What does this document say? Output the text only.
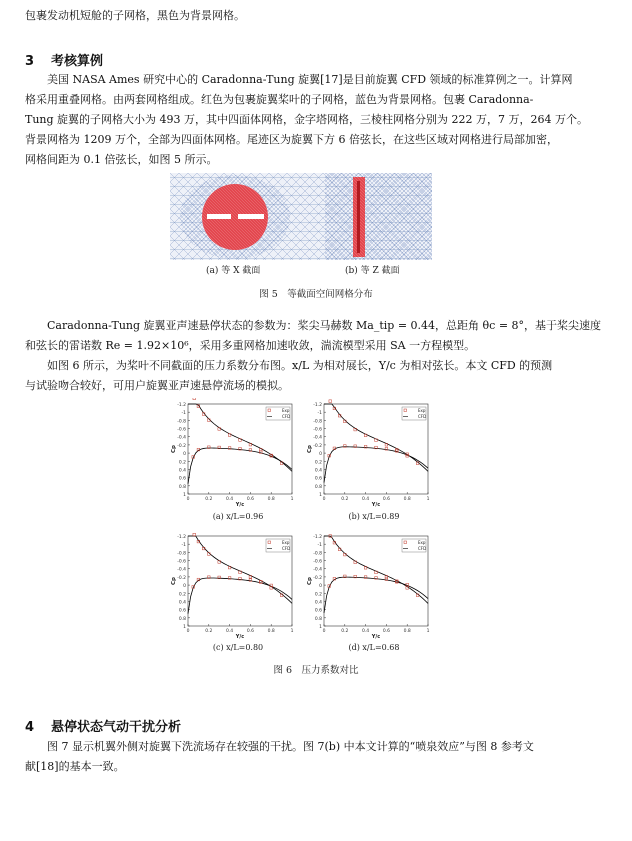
包裹发动机短舱的子网格，黑色为背景网格。
3 考核算例
美国 NASA Ames 研究中心的 Caradonna-Tung 旋翼[17]是目前旋翼 CFD 领域的标准算例之一。计算网
格采用重叠网格。由两套网格组成。红色为包裹旋翼桨叶的子网格，蓝色为背景网格。包裹 Caradonna-
Tung 旋翼的子网格大小为 493 万，其中四面体网格，金字塔网格，三棱柱网格分别为 222 万，7 万，264 万个。
背景网格为 1209 万个，全部为四面体网格。尾迹区为旋翼下方 6 倍弦长，在这些区域对网格进行局部加密，
网格间距为 0.1 倍弦长，如图 5 所示。
(a) 等 X 截面	(b) 等 Z 截面
图 5　等截面空间网格分布
Caradonna-Tung 旋翼亚声速悬停状态的参数为：桨尖马赫数 Ma_tip = 0.44，总距角 θc = 8°，基于桨尖速度
和弦长的雷诺数 Re = 1.92×10⁶，采用多重网格加速收敛，湍流模型采用 SA 一方程模型。
如图 6 所示，为桨叶不同截面的压力系数分布图。x/L 为相对展长，Y/c 为相对弦长。本文 CFD 的预测
与试验吻合较好，可用户旋翼亚声速悬停流场的模拟。
-1.2
-1
-0.8
-0.6
-0.4
-0.2
0
0.2
0.4
0.6
0.8
1
0	0.2	0.4	0.6	0.8	1
Y/c
Cp
Exp
CFD
-1.2
-1
-0.8
-0.6
-0.4
-0.2
0
0.2
0.4
0.6
0.8
1
0	0.2	0.4	0.6	0.8	1
Y/c
Cp
Exp
CFD
-1.2
-1
-0.8
-0.6
-0.4
-0.2
0
0.2
0.4
0.6
0.8
1
0	0.2	0.4	0.6	0.8	1
Y/c
Cp
Exp
CFD
-1.2
-1
-0.8
-0.6
-0.4
-0.2
0
0.2
0.4
0.6
0.8
1
0	0.2	0.4	0.6	0.8	1
Y/c
Cp
Exp
CFD
(a) x/L=0.96	(b) x/L=0.89
(c) x/L=0.80	(d) x/L=0.68
图 6　压力系数对比
4 悬停状态气动干扰分析
图 7 显示机翼外侧对旋翼下洗流场存在较强的干扰。图 7(b) 中本文计算的“喷泉效应”与图 8 参考文
献[18]的基本一致。
